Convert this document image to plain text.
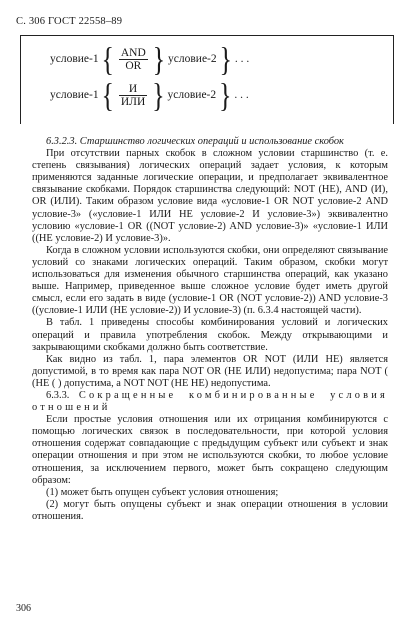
С. 306 ГОСТ 22558–89
условие-1 { AND
OR } условие-2 } . . .
условие-1 {	И
ИЛИ } условие-2 } . . .

6.3.2.3. Старшинство логических операций и использование скобок

При отсутствии парных скобок в сложном условии старшинство (т. е. степень связывания) логических операций задает условия, к которым применяются заданные логические операции, и предполагает эквивалентное связывание скобками. Порядок старшинства следующий: NOT (НЕ), AND (И), OR (ИЛИ). Таким образом условие вида «условие-1 OR NOT условие-2 AND условие-3» («условие-1 ИЛИ НЕ условие-2 И условие-3») эквивалентно условию «условие-1 OR ((NOT условие-2) AND условие-3)» «условие-1 ИЛИ ((НЕ условие-2) И условие-3)».

Когда в сложном условии используются скобки, они определяют связывание условий со знаками логических операций. Таким образом, скобки могут использоваться для изменения обычного старшинства операций, как указано выше. Например, приведенное выше сложное условие будет иметь другой смысл, если его задать в виде (условие-1 OR (NOT условие-2)) AND условие-3 ((условие-1 ИЛИ (НЕ условие-2)) И условие-3) (п. 6.3.4 настоящей части).

В табл. 1 приведены способы комбинирования условий и логических операций и правила употребления скобок. Между открывающими и закрывающими скобками должно быть соответствие.

Как видно из табл. 1, пара элементов OR NOT (ИЛИ НЕ) является допустимой, в то время как пара NOT OR (НЕ ИЛИ) недопустима; пара NOT ( (НЕ ( ) допустима, а NOT NOT (НЕ НЕ) недопустима.

6.3.3. Сокращенные комбинированные условия отношений

Если простые условия отношения или их отрицания комбинируются с помощью логических связок в последовательности, при которой условия отношения содержат совпадающие с предыдущим субъект или субъект и знак операции отношения и при этом не используются скобки, то любое условие отношения, за исключением первого, может быть сокращено следующим образом:

(1) может быть опущен субъект условия отношения;

(2) могут быть опущены субъект и знак операции отношения в условии отношения.

306
